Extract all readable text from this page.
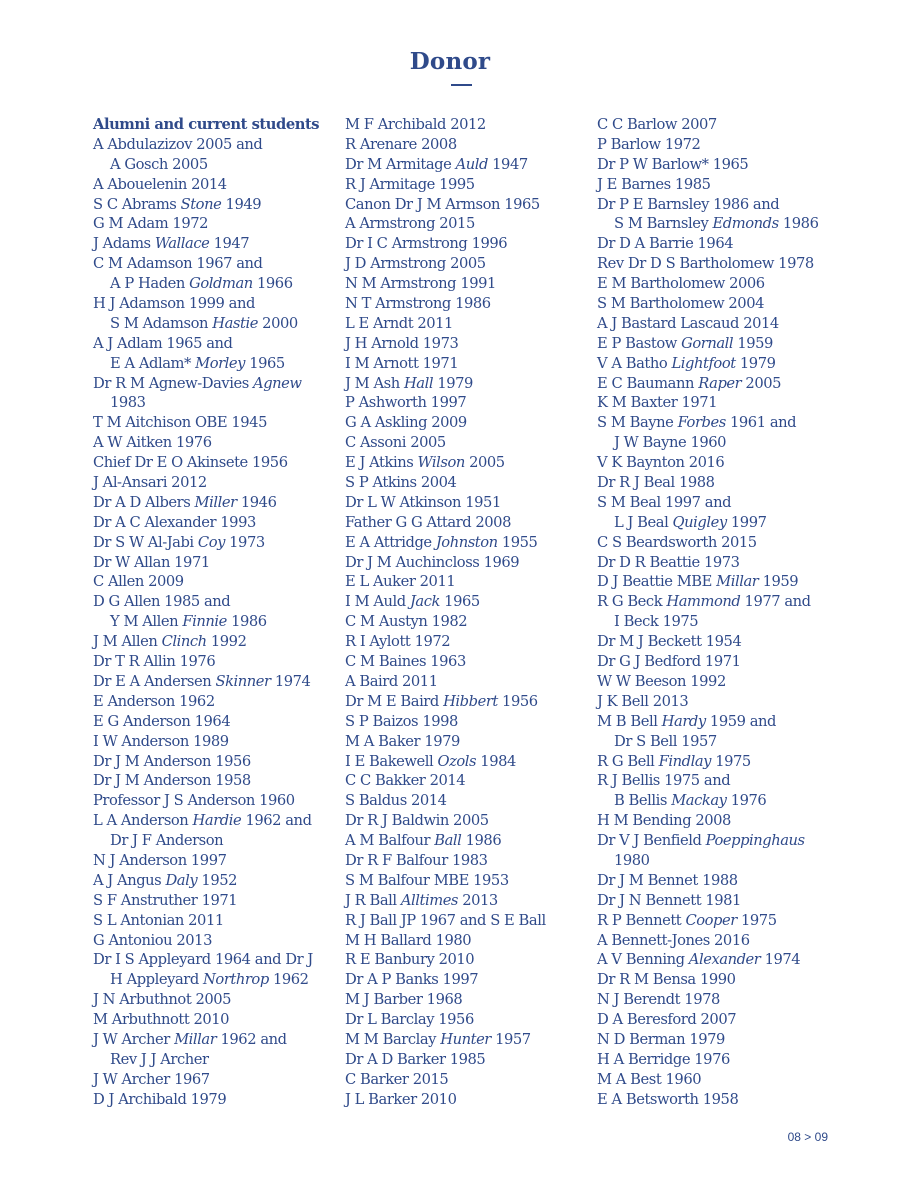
Donor
Alumni and current students
A Abdulazizov 2005 and
A Gosch 2005
A Abouelenin 2014
S C Abrams Stone 1949
G M Adam 1972
J Adams Wallace 1947
C M Adamson 1967 and
A P Haden Goldman 1966
H J Adamson 1999 and
S M Adamson Hastie 2000
A J Adlam 1965 and
E A Adlam* Morley 1965
Dr R M Agnew-Davies Agnew
1983
T M Aitchison OBE 1945
A W Aitken 1976
Chief Dr E O Akinsete 1956
J Al-Ansari 2012
Dr A D Albers Miller 1946
Dr A C Alexander 1993
Dr S W Al-Jabi Coy 1973
Dr W Allan 1971
C Allen 2009
D G Allen 1985 and
Y M Allen Finnie 1986
J M Allen Clinch 1992
Dr T R Allin 1976
Dr E A Andersen Skinner 1974
E Anderson 1962
E G Anderson 1964
I W Anderson 1989
Dr J M Anderson 1956
Dr J M Anderson 1958
Professor J S Anderson 1960
L A Anderson Hardie 1962 and
Dr J F Anderson
N J Anderson 1997
A J Angus Daly 1952
S F Anstruther 1971
S L Antonian 2011
G Antoniou 2013
Dr I S Appleyard 1964 and Dr J
H Appleyard Northrop 1962
J N Arbuthnot 2005
M Arbuthnott 2010
J W Archer Millar 1962 and
Rev J J Archer
J W Archer 1967
D J Archibald 1979
M F Archibald 2012
R Arenare 2008
Dr M Armitage Auld 1947
R J Armitage 1995
Canon Dr J M Armson 1965
A Armstrong 2015
Dr I C Armstrong 1996
J D Armstrong 2005
N M Armstrong 1991
N T Armstrong 1986
L E Arndt 2011
J H Arnold 1973
I M Arnott 1971
J M Ash Hall 1979
P Ashworth 1997
G A Askling 2009
C Assoni 2005
E J Atkins Wilson 2005
S P Atkins 2004
Dr L W Atkinson 1951
Father G G Attard 2008
E A Attridge Johnston 1955
Dr J M Auchincloss 1969
E L Auker 2011
I M Auld Jack 1965
C M Austyn 1982
R I Aylott 1972
C M Baines 1963
A Baird 2011
Dr M E Baird Hibbert 1956
S P Baizos 1998
M A Baker 1979
I E Bakewell Ozols 1984
C C Bakker 2014
S Baldus 2014
Dr R J Baldwin 2005
A M Balfour Ball 1986
Dr R F Balfour 1983
S M Balfour MBE 1953
J R Ball Alltimes 2013
R J Ball JP 1967 and S E Ball
M H Ballard 1980
R E Banbury 2010
Dr A P Banks 1997
M J Barber 1968
Dr L Barclay 1956
M M Barclay Hunter 1957
Dr A D Barker 1985
C Barker 2015
J L Barker 2010
C C Barlow 2007
P Barlow 1972
Dr P W Barlow* 1965
J E Barnes 1985
Dr P E Barnsley 1986 and
S M Barnsley Edmonds 1986
Dr D A Barrie 1964
Rev Dr D S Bartholomew 1978
E M Bartholomew 2006
S M Bartholomew 2004
A J Bastard Lascaud 2014
E P Bastow Gornall 1959
V A Batho Lightfoot 1979
E C Baumann Raper 2005
K M Baxter 1971
S M Bayne Forbes 1961 and
J W Bayne 1960
V K Baynton 2016
Dr R J Beal 1988
S M Beal 1997 and
L J Beal Quigley 1997
C S Beardsworth 2015
Dr D R Beattie 1973
D J Beattie MBE Millar 1959
R G Beck Hammond 1977 and
I Beck 1975
Dr M J Beckett 1954
Dr G J Bedford 1971
W W Beeson 1992
J K Bell 2013
M B Bell Hardy 1959 and
Dr S Bell 1957
R G Bell Findlay 1975
R J Bellis 1975 and
B Bellis Mackay 1976
H M Bending 2008
Dr V J Benfield Poeppinghaus
1980
Dr J M Bennet 1988
Dr J N Bennett 1981
R P Bennett Cooper 1975
A Bennett-Jones 2016
A V Benning Alexander 1974
Dr R M Bensa 1990
N J Berendt 1978
D A Beresford 2007
N D Berman 1979
H A Berridge 1976
M A Best 1960
E A Betsworth 1958
08 > 09
